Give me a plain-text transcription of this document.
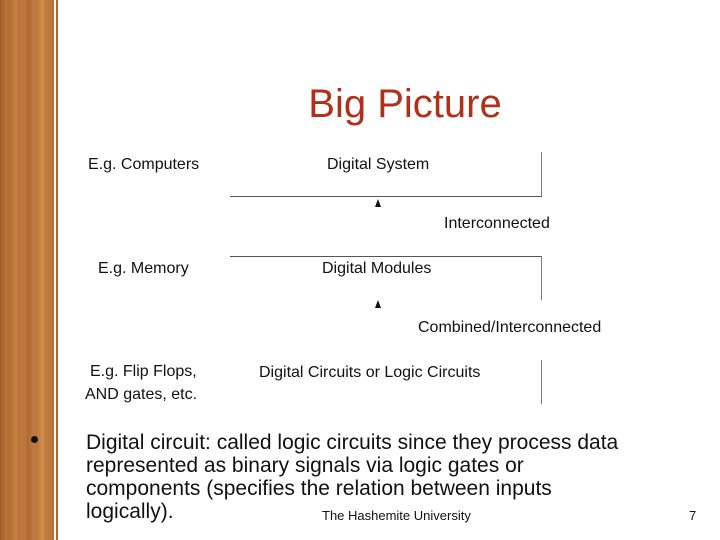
Big Picture
E.g. Computers	Digital System
Interconnected
E.g. Memory	Digital Modules
Combined/Interconnected
E.g. Flip Flops,
AND gates, etc.
Digital Circuits or Logic Circuits
Digital circuit: called logic circuits since they process data
represented as binary signals via logic gates or
components (specifies the relation between inputs
logically).	The Hashemite University	7
